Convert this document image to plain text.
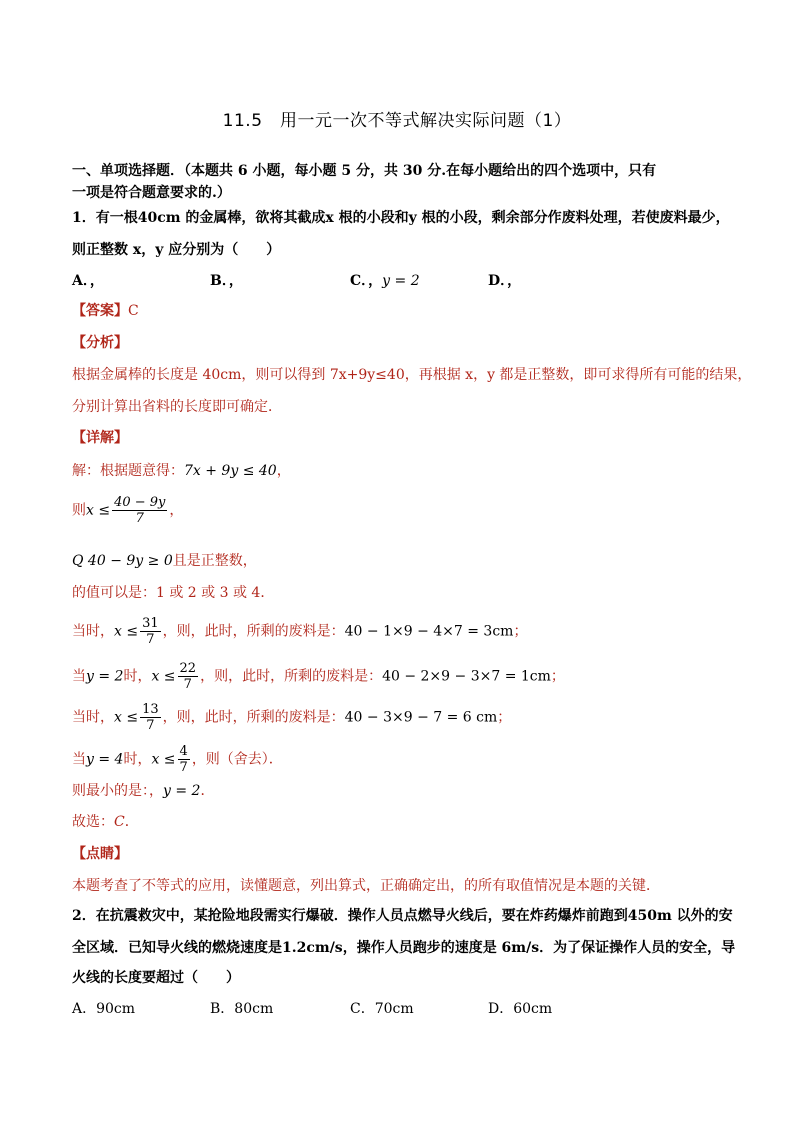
11.5　用一元一次不等式解决实际问题（1）
一、单项选择题．（本题共 6 小题，每小题 5 分，共 30 分.在每小题给出的四个选项中，只有
一项是符合题意要求的.）
1．有一根40cm 的金属棒，欲将其截成x 根的小段和y 根的小段，剩余部分作废料处理，若使废料最少，
则正整数 x，y 应分别为（　　）
A．，	B．，	C．，y = 2	D．，
【答案】C
【分析】
根据金属棒的长度是 40cm，则可以得到 7x+9y≤40，再根据 x，y 都是正整数，即可求得所有可能的结果，
分别计算出省料的长度即可确定．
【详解】
解：根据题意得：7x + 9y ≤ 40，
则$x \le \frac{40 - 9y}{7}$ ，
Q 40 − 9y ≥ 0且是正整数，
的值可以是：1 或 2 或 3 或 4．
当时，$x \le \frac{31}{7}$ ，则，此时，所剩的废料是：40 − 1×9 − 4×7 = 3cm；
当y = 2时，$x \le \frac{22}{7}$ ，则，此时，所剩的废料是：40 − 2×9 − 3×7 = 1cm；
当时，$x \le \frac{13}{7}$ ，则，此时，所剩的废料是：40 − 3×9 − 7 = 6 cm；
当y = 4时，$x \le \frac{4}{7}$ ，则（舍去）．
则最小的是：，y = 2．
故选：C．
【点睛】
本题考查了不等式的应用，读懂题意，列出算式，正确确定出，的所有取值情况是本题的关键．
2．在抗震救灾中，某抢险地段需实行爆破．操作人员点燃导火线后，要在炸药爆炸前跑到450m 以外的安
全区域．已知导火线的燃烧速度是1.2cm/s，操作人员跑步的速度是 6m/s．为了保证操作人员的安全，导
火线的长度要超过（　　）
A．90cm	B．80cm	C．70cm	D．60cm
